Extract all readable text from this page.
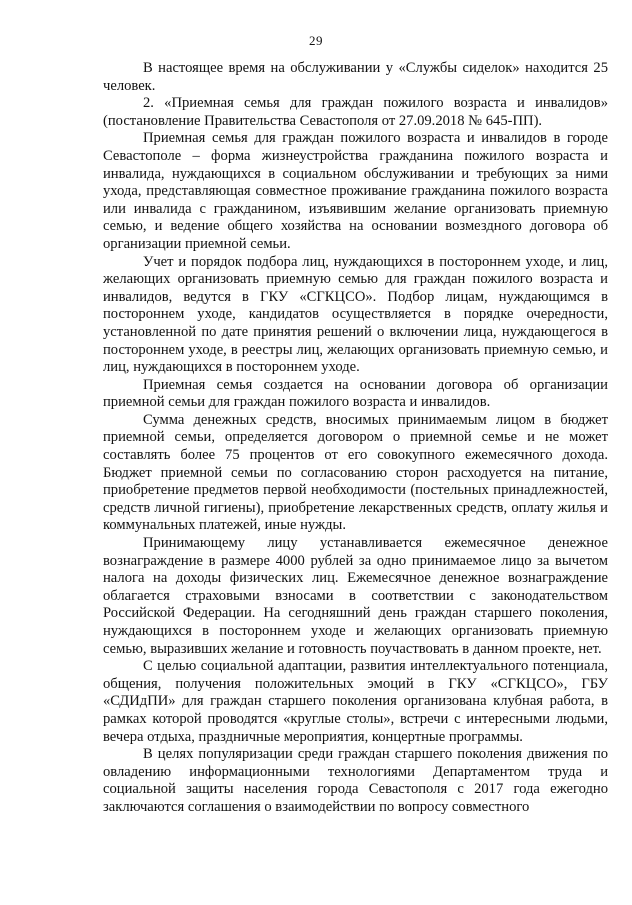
29

В настоящее время на обслуживании у «Службы сиделок» находится 25 человек.

2. «Приемная семья для граждан пожилого возраста и инвалидов» (постановление Правительства Севастополя от 27.09.2018 № 645-ПП).

Приемная семья для граждан пожилого возраста и инвалидов в городе Севастополе – форма жизнеустройства гражданина пожилого возраста и инвалида, нуждающихся в социальном обслуживании и требующих за ними ухода, представляющая совместное проживание гражданина пожилого возраста или инвалида с гражданином, изъявившим желание организовать приемную семью, и ведение общего хозяйства на основании возмездного договора об организации приемной семьи.

Учет и порядок подбора лиц, нуждающихся в постороннем уходе, и лиц, желающих организовать приемную семью для граждан пожилого возраста и инвалидов, ведутся в ГКУ «СГКЦСО». Подбор лицам, нуждающимся в постороннем уходе, кандидатов осуществляется в порядке очередности, установленной по дате принятия решений о включении лица, нуждающегося в постороннем уходе, в реестры лиц, желающих организовать приемную семью, и лиц, нуждающихся в постороннем уходе.

Приемная семья создается на основании договора об организации приемной семьи для граждан пожилого возраста и инвалидов.

Сумма денежных средств, вносимых принимаемым лицом в бюджет приемной семьи, определяется договором о приемной семье и не может составлять более 75 процентов от его совокупного ежемесячного дохода. Бюджет приемной семьи по согласованию сторон расходуется на питание, приобретение предметов первой необходимости (постельных принадлежностей, средств личной гигиены), приобретение лекарственных средств, оплату жилья и коммунальных платежей, иные нужды.

Принимающему лицу устанавливается ежемесячное денежное вознаграждение в размере 4000 рублей за одно принимаемое лицо за вычетом налога на доходы физических лиц. Ежемесячное денежное вознаграждение облагается страховыми взносами в соответствии с законодательством Российской Федерации. На сегодняшний день граждан старшего поколения, нуждающихся в постороннем уходе и желающих организовать приемную семью, выразивших желание и готовность поучаствовать в данном проекте, нет.

С целью социальной адаптации, развития интеллектуального потенциала, общения, получения положительных эмоций в ГКУ «СГКЦСО», ГБУ «СДИдПИ» для граждан старшего поколения организована клубная работа, в рамках которой проводятся «круглые столы», встречи с интересными людьми, вечера отдыха, праздничные мероприятия, концертные программы.

В целях популяризации среди граждан старшего поколения движения по овладению информационными технологиями Департаментом труда и социальной защиты населения города Севастополя с 2017 года ежегодно заключаются соглашения о взаимодействии по вопросу совместного
